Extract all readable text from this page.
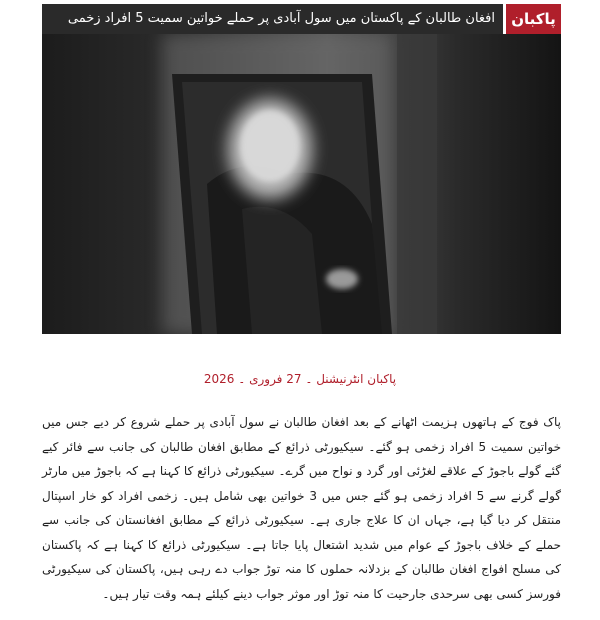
افغان طالبان کے پاکستان میں سول آبادی پر حملے خواتین سمیت 5 افراد زخمی	پاکبان
پاکبان انٹرنیشنل ۔ 27 فروری ۔ 2026

پاک فوج کے ہاتھوں ہزیمت اٹھانے کے بعد افغان طالبان نے سول آبادی پر حملے شروع کر دیے جس میں خواتین سمیت 5 افراد زخمی ہو گئے۔ سیکیورٹی ذرائع کے مطابق افغان طالبان کی جانب سے فائر کیے گئے گولے باجوڑ کے علاقے لغڑئی اور گرد و نواح میں گرے۔ سیکیورٹی ذرائع کا کہنا ہے کہ باجوڑ میں مارٹر گولے گرنے سے 5 افراد زخمی ہو گئے جس میں 3 خواتین بھی شامل ہیں۔ زخمی افراد کو خار اسپتال منتقل کر دیا گیا ہے، جہاں ان کا علاج جاری ہے۔ سیکیورٹی ذرائع کے مطابق افغانستان کی جانب سے حملے کے خلاف باجوڑ کے عوام میں شدید اشتعال پایا جاتا ہے۔ سیکیورٹی ذرائع کا کہنا ہے کہ پاکستان کی مسلح افواج افغان طالبان کے بزدلانہ حملوں کا منہ توڑ جواب دے رہی ہیں، پاکستان کی سیکیورٹی فورسز کسی بھی سرحدی جارحیت کا منہ توڑ اور موثر جواب دینے کیلئے ہمہ وقت تیار ہیں۔
